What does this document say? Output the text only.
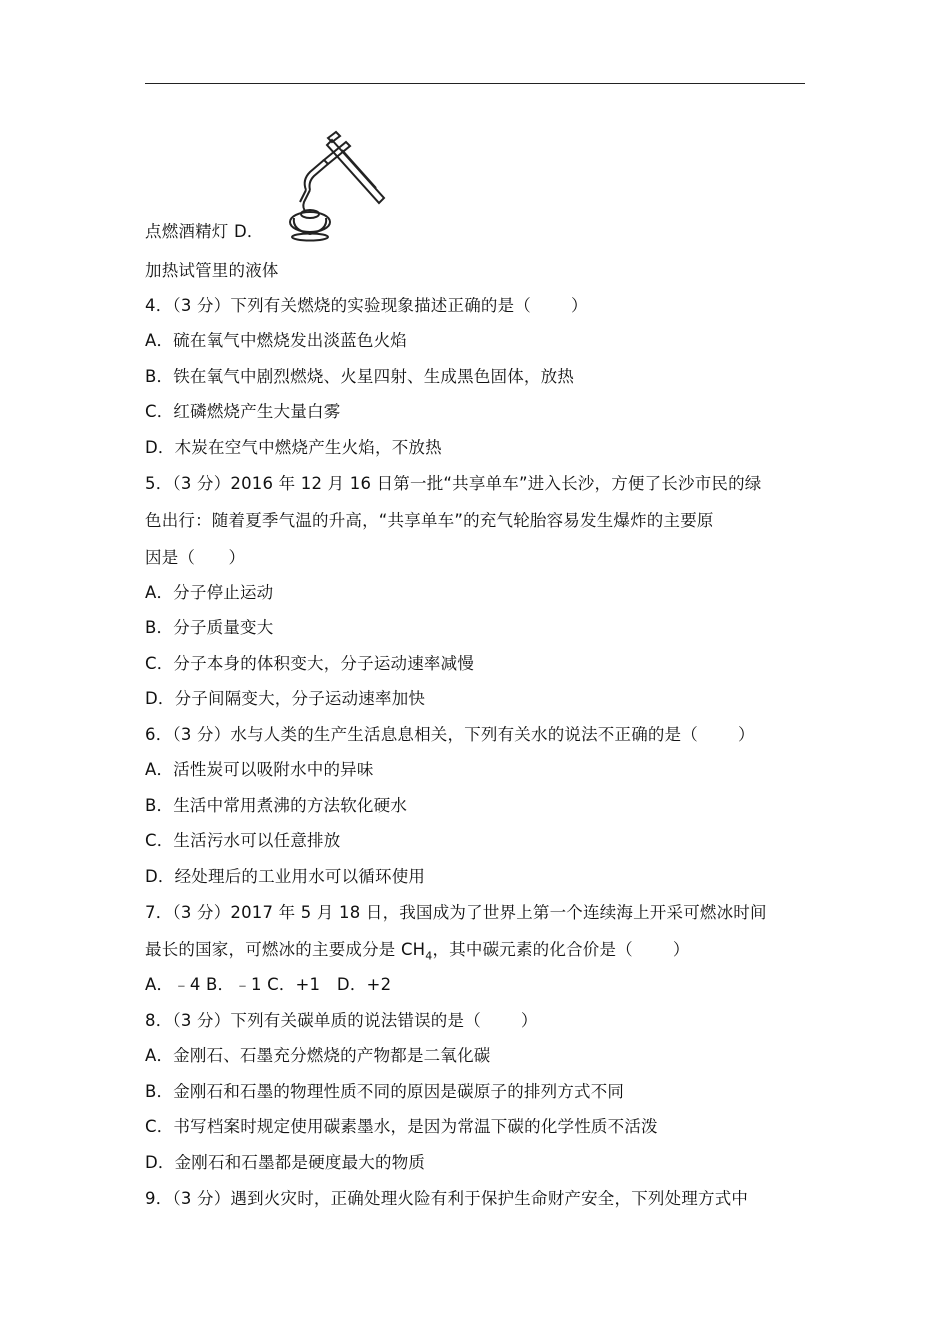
点燃酒精灯 D．
加热试管里的液体
4．（3 分）下列有关燃烧的实验现象描述正确的是（ ）
A．硫在氧气中燃烧发出淡蓝色火焰
B．铁在氧气中剧烈燃烧、火星四射、生成黑色固体，放热
C．红磷燃烧产生大量白雾
D．木炭在空气中燃烧产生火焰，不放热
5．（3 分）2016 年 12 月 16 日第一批“共享单车”进入长沙，方便了长沙市民的绿
色出行：随着夏季气温的升高，“共享单车”的充气轮胎容易发生爆炸的主要原
因是（　　）
A．分子停止运动
B．分子质量变大
C．分子本身的体积变大，分子运动速率减慢
D．分子间隔变大，分子运动速率加快
6．（3 分）水与人类的生产生活息息相关，下列有关水的说法不正确的是（ ）
A．活性炭可以吸附水中的异味
B．生活中常用煮沸的方法软化硬水
C．生活污水可以任意排放
D．经处理后的工业用水可以循环使用
7．（3 分）2017 年 5 月 18 日，我国成为了世界上第一个连续海上开采可燃冰时间
最长的国家，可燃冰的主要成分是 $CH_4$，其中碳元素的化合价是（ ）
A．﹣4 B．﹣1 C．+1　D．+2
8．（3 分）下列有关碳单质的说法错误的是（ ）
A．金刚石、石墨充分燃烧的产物都是二氧化碳
B．金刚石和石墨的物理性质不同的原因是碳原子的排列方式不同
C．书写档案时规定使用碳素墨水，是因为常温下碳的化学性质不活泼
D．金刚石和石墨都是硬度最大的物质
9．（3 分）遇到火灾时，正确处理火险有利于保护生命财产安全，下列处理方式中
